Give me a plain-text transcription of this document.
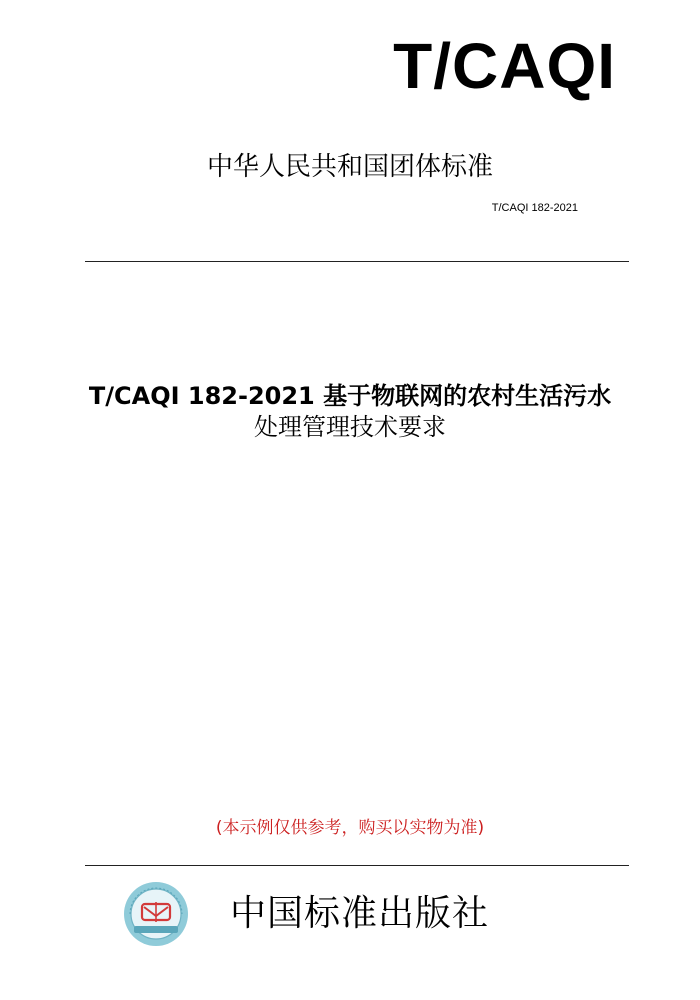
T/CAQI
中华人民共和国团体标准
T/CAQI 182-2021
T/CAQI 182-2021 基于物联网的农村生活污水
处理管理技术要求
(本示例仅供参考，购买以实物为准)
中国标准出版社
